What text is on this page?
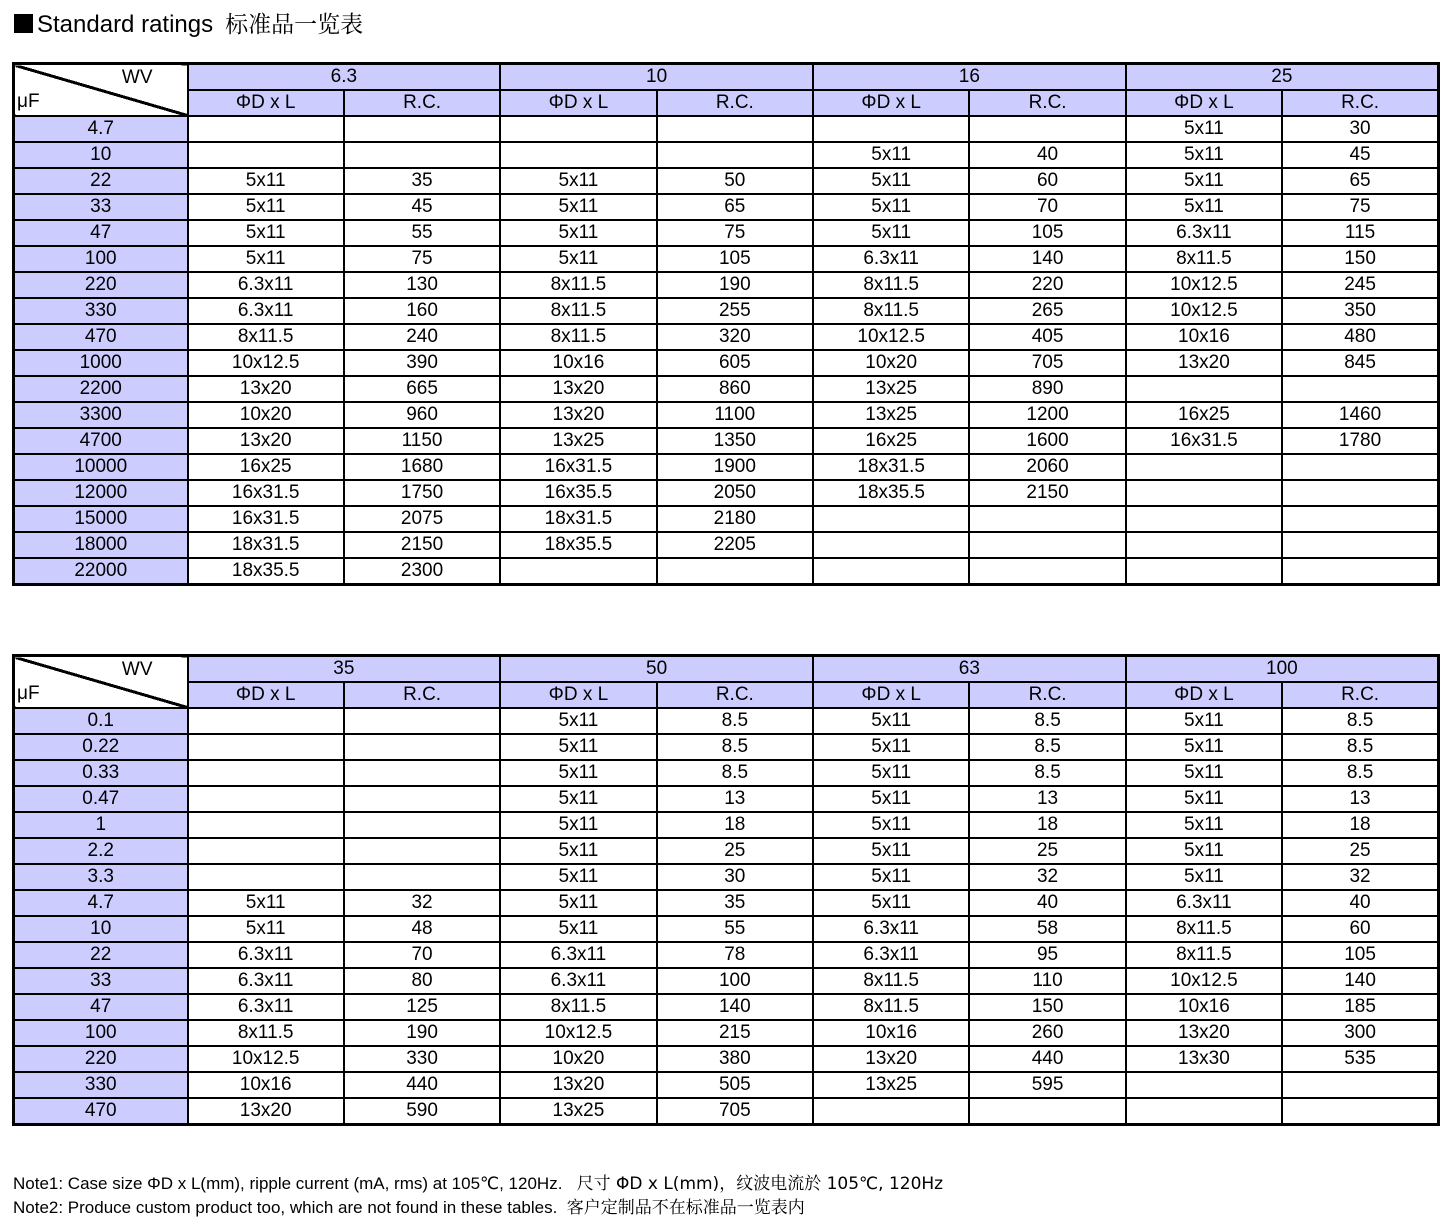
Standard ratings 标准品一览表
WV
μF	6.3		10		16		25	
	ΦD x L	R.C.	ΦD x L	R.C.	ΦD x L	R.C.	ΦD x L	R.C.
4.7							5x11	30
10					5x11	40	5x11	45
22	5x11	35	5x11	50	5x11	60	5x11	65
33	5x11	45	5x11	65	5x11	70	5x11	75
47	5x11	55	5x11	75	5x11	105	6.3x11	115
100	5x11	75	5x11	105	6.3x11	140	8x11.5	150
220	6.3x11	130	8x11.5	190	8x11.5	220	10x12.5	245
330	6.3x11	160	8x11.5	255	8x11.5	265	10x12.5	350
470	8x11.5	240	8x11.5	320	10x12.5	405	10x16	480
1000	10x12.5	390	10x16	605	10x20	705	13x20	845
2200	13x20	665	13x20	860	13x25	890		
3300	10x20	960	13x20	1100	13x25	1200	16x25	1460
4700	13x20	1150	13x25	1350	16x25	1600	16x31.5	1780
10000	16x25	1680	16x31.5	1900	18x31.5	2060		
12000	16x31.5	1750	16x35.5	2050	18x35.5	2150		
15000	16x31.5	2075	18x31.5	2180				
18000	18x31.5	2150	18x35.5	2205				
22000	18x35.5	2300						
WV
μF	35		50		63		100	
	ΦD x L	R.C.	ΦD x L	R.C.	ΦD x L	R.C.	ΦD x L	R.C.
0.1			5x11	8.5	5x11	8.5	5x11	8.5
0.22			5x11	8.5	5x11	8.5	5x11	8.5
0.33			5x11	8.5	5x11	8.5	5x11	8.5
0.47			5x11	13	5x11	13	5x11	13
1			5x11	18	5x11	18	5x11	18
2.2			5x11	25	5x11	25	5x11	25
3.3			5x11	30	5x11	32	5x11	32
4.7	5x11	32	5x11	35	5x11	40	6.3x11	40
10	5x11	48	5x11	55	6.3x11	58	8x11.5	60
22	6.3x11	70	6.3x11	78	6.3x11	95	8x11.5	105
33	6.3x11	80	6.3x11	100	8x11.5	110	10x12.5	140
47	6.3x11	125	8x11.5	140	8x11.5	150	10x16	185
100	8x11.5	190	10x12.5	215	10x16	260	13x20	300
220	10x12.5	330	10x20	380	13x20	440	13x30	535
330	10x16	440	13x20	505	13x25	595		
470	13x20	590	13x25	705				
Note1: Case size ΦD x L(mm), ripple current (mA, rms) at 105℃, 120Hz. 尺寸 ΦD x L(mm)，纹波电流於 105℃, 120Hz
Note2: Produce custom product too, which are not found in these tables. 客户定制品不在标准品一览表内
